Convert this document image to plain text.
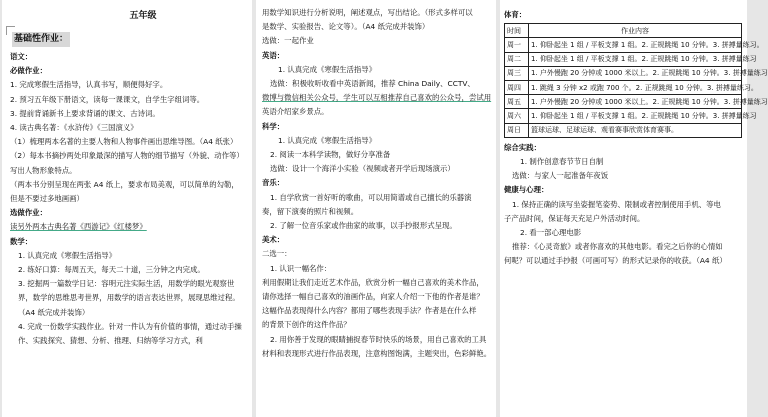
五年级
基础性作业：
语文：
必做作业：
1. 完成寒假生活指导，认真书写，顺便得好字。
2. 预习五年级下册语文，读每一课课文，自学生字组词等。
3. 提前背诵新书上要求背诵的课文、古诗词。
4. 读古典名著：《水浒传》《三国演义》
（1）梳理两本名著的主要人物和人物事件画出思维导图。（A4 纸张）
（2）每本书摘抄两处印象最深的描写人物的细节描写（外貌、动作等）写出人物形象特点。
（两本书分别呈现在两张 A4 纸上，要求布局美观，可以简单的勾勒，但是不要过多地画画）
选做作业：
读另外两本古典名著《西游记》《红楼梦》
数学：
1. 认真完成《寒假生活指导》
2. 练好口算：每周五天，每天二十道，三分钟之内完成。
3. 挖掘两一篇数学日记：容明元注实际生活，用数学的眼光观察世界，数学的思维思考世界，用数学的语言表达世界，展现思维过程。（A4 纸完成并装饰）
4. 完成一份数学实践作业。针对一件认为有价值的事情，通过动手操作、实践探究、猜想、分析、推理、归纳等学习方式，利
用数学知识进行分析说明，阐述观点，写出结论。（形式多样可以
是数学、实验报告、论文等）。（A4 纸完成并装饰）
选做：一起作业
英语：
1. 认真完成《寒假生活指导》
选做：积极收听收看中英语新闻，推荐 China Daily、CCTV、
微博与微信相关公众号，学生可以互相推荐自己喜欢的公众号，尝试用
英语介绍家乡景点。
科学：
1. 认真完成《寒假生活指导》
2. 阅读一本科学读物，做好分享准备
选做：设计一个海洋小实验（视频或者开学后现场演示）
音乐：
1. 自学欣赏一首好听的歌曲，可以用简谱或自己擅长的乐器演
奏，留下演奏的照片和视频。
2. 了解一位音乐家或作曲家的故事，以手抄报形式呈现。
美术：
二选一：
1. 认识一幅名作：
利用假期让我们走近艺术作品，欣赏分析一幅自己喜欢的美术作品，
请你选择一幅自己喜欢的油画作品，向家人介绍一下他的作者是谁？
这幅作品表现得什么内容？都用了哪些表现手法？作者是在什么样
的背景下创作的这件作品？
2. 用你善于发现的眼睛捕捉春节时快乐的场景，用自己喜欢的工具
材料和表现形式进行作品表现，注意构图饱满，主题突出，色彩鲜艳。
体育：
时间	作业内容
周一	1. 仰卧起坐 1 组 / 平板支撑 1 组。2. 正规跳绳 10 分钟。3. 拼搏量练习。
周二	1. 仰卧起坐 1 组 / 平板支撑 1 组。2. 正规跳绳 10 分钟。3. 拼搏量练习
周三	1. 户外慢跑 20 分钟或 1000 米以上。2. 正规跳绳 10 分钟。3. 拼搏量练习
周四	1. 跳绳 3 分钟 x2 或跑 700 个。2. 正规跳绳 10 分钟。3. 拼搏量练习。
周五	1. 户外慢跑 20 分钟或 1000 米以上。2. 正规跳绳 10 分钟。3. 拼搏量练习
周六	1. 仰卧起坐 1 组 / 平板支撑 1 组。2. 正规跳绳 10 分钟。3. 拼搏量练习
周日	篮球运球、足球运球、观看赛事欣赏体育赛事。
综合实践：
1. 制作创意春节节日自制
选做：与家人一起准备年夜饭
健康与心理：
1. 保持正确的读写坐姿握笔姿势、限制或者控制使用手机、等电
子产品时间，保证每天充足户外活动时间。
2. 看一部心理电影
推荐：《心灵奇旅》或者你喜欢的其他电影。看完之后你的心情如
何呢？可以通过手抄报（可画可写）的形式记录你的收获。（A4 纸）
